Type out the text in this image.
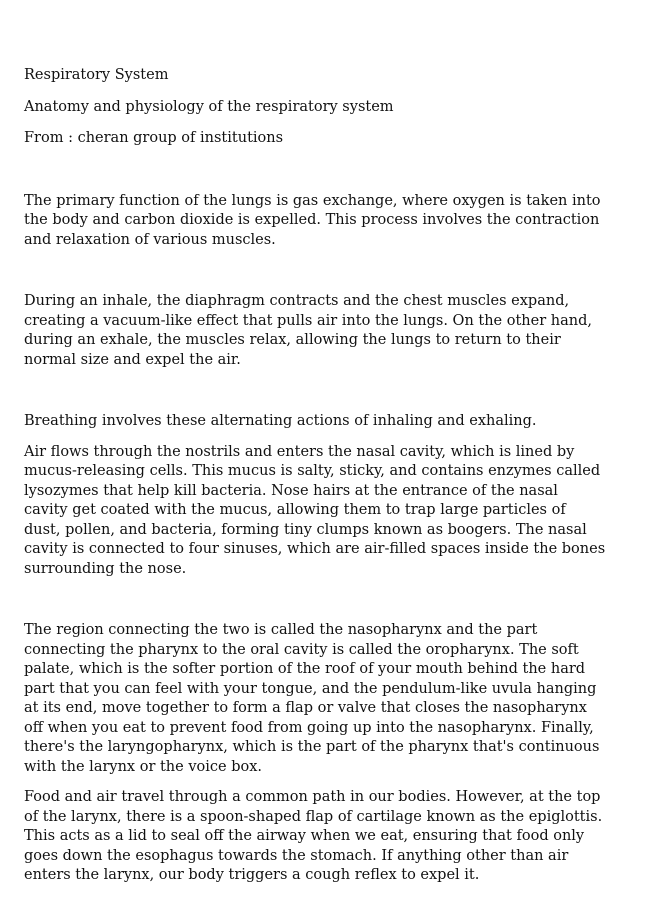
Respiratory System
Anatomy and physiology of the respiratory system
From : cheran group of institutions

The primary function of the lungs is gas exchange, where oxygen is taken into the body and carbon dioxide is expelled. This process involves the contraction and relaxation of various muscles.

During an inhale, the diaphragm contracts and the chest muscles expand, creating a vacuum-like effect that pulls air into the lungs. On the other hand, during an exhale, the muscles relax, allowing the lungs to return to their normal size and expel the air.

Breathing involves these alternating actions of inhaling and exhaling.

Air flows through the nostrils and enters the nasal cavity, which is lined by mucus-releasing cells. This mucus is salty, sticky, and contains enzymes called lysozymes that help kill bacteria. Nose hairs at the entrance of the nasal cavity get coated with the mucus, allowing them to trap large particles of dust, pollen, and bacteria, forming tiny clumps known as boogers. The nasal cavity is connected to four sinuses, which are air-filled spaces inside the bones surrounding the nose.

The region connecting the two is called the nasopharynx and the part connecting the pharynx to the oral cavity is called the oropharynx. The soft palate, which is the softer portion of the roof of your mouth behind the hard part that you can feel with your tongue, and the pendulum-like uvula hanging at its end, move together to form a flap or valve that closes the nasopharynx off when you eat to prevent food from going up into the nasopharynx. Finally, there's the laryngopharynx, which is the part of the pharynx that's continuous with the larynx or the voice box.

Food and air travel through a common path in our bodies. However, at the top of the larynx, there is a spoon-shaped flap of cartilage known as the epiglottis. This acts as a lid to seal off the airway when we eat, ensuring that food only goes down the esophagus towards the stomach. If anything other than air enters the larynx, our body triggers a cough reflex to expel it.
